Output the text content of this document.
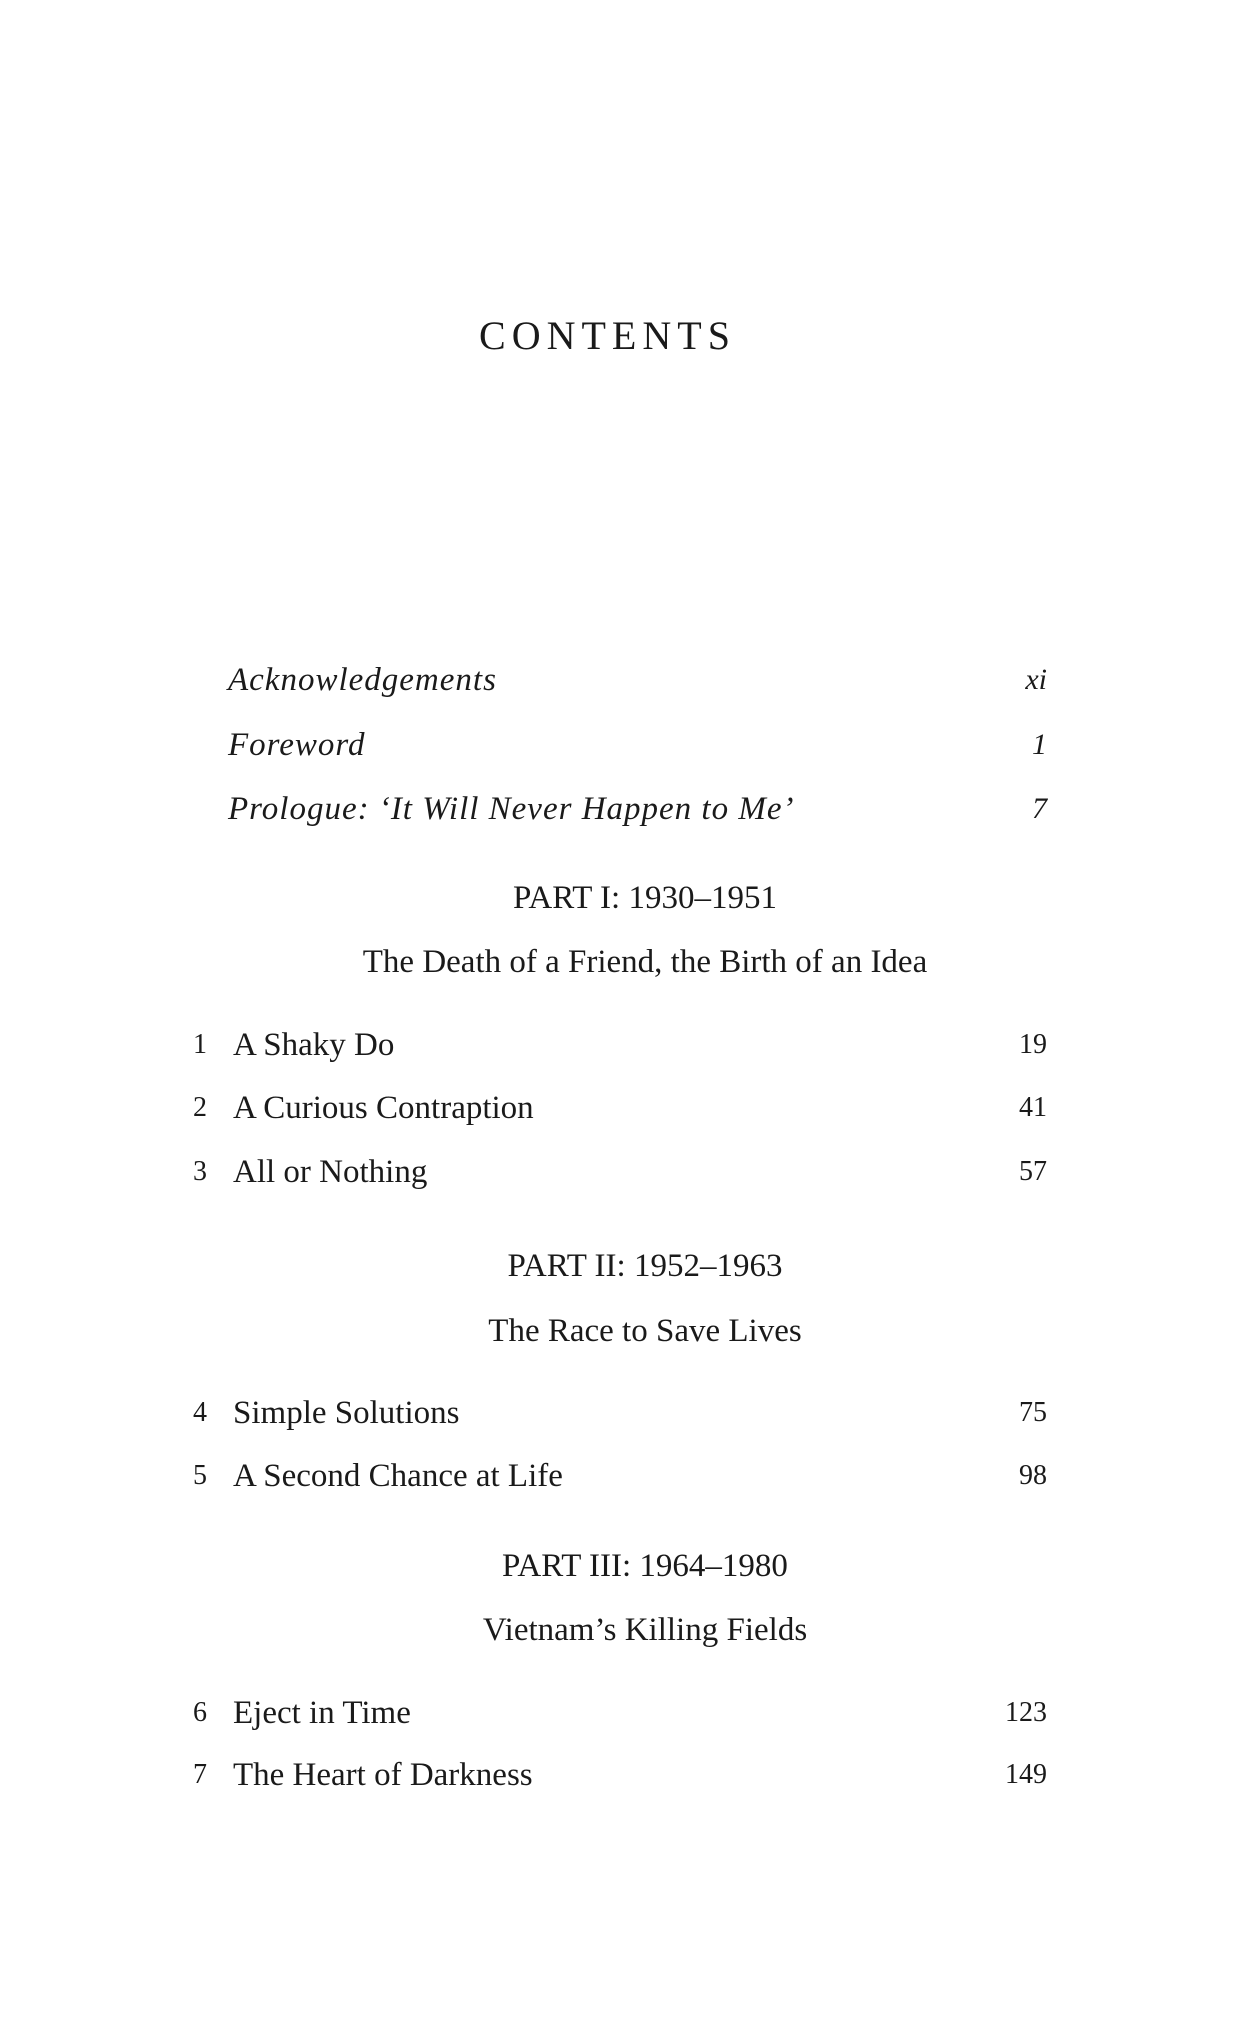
CONTENTS
Acknowledgements	xi
Foreword	1
Prologue: ‘It Will Never Happen to Me’	7
PART I: 1930–1951
The Death of a Friend, the Birth of an Idea
1 A Shaky Do	19
2 A Curious Contraption	41
3 All or Nothing	57
PART II: 1952–1963
The Race to Save Lives
4 Simple Solutions	75
5 A Second Chance at Life	98
PART III: 1964–1980
Vietnam’s Killing Fields
6 Eject in Time	123
7 The Heart of Darkness	149
